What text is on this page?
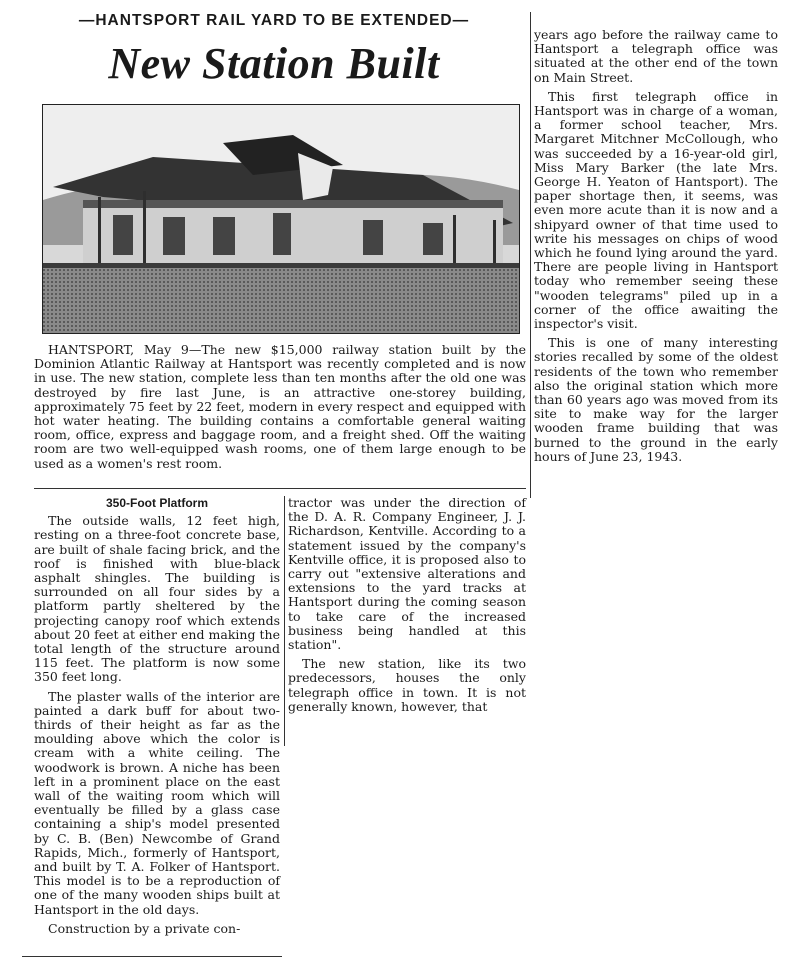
—HANTSPORT RAIL YARD TO BE EXTENDED—
New Station Built

HANTSPORT, May 9—The new $15,000 railway station built by the Dominion Atlantic Railway at Hantsport was recently completed and is now in use. The new station, complete less than ten months after the old one was destroyed by fire last June, is an attractive one-storey building, approximately 75 feet by 22 feet, modern in every respect and equipped with hot water heating. The building contains a comfortable general waiting room, office, express and baggage room, and a freight shed. Off the waiting room are two well-equipped wash rooms, one of them large enough to be used as a women's rest room.

350-Foot Platform

The outside walls, 12 feet high, resting on a three-foot concrete base, are built of shale facing brick, and the roof is finished with blue-black asphalt shingles. The building is surrounded on all four sides by a platform partly sheltered by the projecting canopy roof which extends about 20 feet at either end making the total length of the structure around 115 feet. The platform is now some 350 feet long.

The plaster walls of the interior are painted a dark buff for about two-thirds of their height as far as the moulding above which the color is cream with a white ceiling. The woodwork is brown. A niche has been left in a prominent place on the east wall of the waiting room which will eventually be filled by a glass case containing a ship's model presented by C. B. (Ben) Newcombe of Grand Rapids, Mich., formerly of Hantsport, and built by T. A. Folker of Hantsport. This model is to be a reproduction of one of the many wooden ships built at Hantsport in the old days.

Construction by a private con-

tractor was under the direction of the D. A. R. Company Engineer, J. J. Richardson, Kentville. According to a statement issued by the company's Kentville office, it is proposed also to carry out "extensive alterations and extensions to the yard tracks at Hantsport during the coming season to take care of the increased business being handled at this station".

The new station, like its two predecessors, houses the only telegraph office in town. It is not generally known, however, that

years ago before the railway came to Hantsport a telegraph office was situated at the other end of the town on Main Street.

This first telegraph office in Hantsport was in charge of a woman, a former school teacher, Mrs. Margaret Mitchner McCollough, who was succeeded by a 16-year-old girl, Miss Mary Barker (the late Mrs. George H. Yeaton of Hantsport). The paper shortage then, it seems, was even more acute than it is now and a shipyard owner of that time used to write his messages on chips of wood which he found lying around the yard. There are people living in Hantsport today who remember seeing these "wooden telegrams" piled up in a corner of the office awaiting the inspector's visit.

This is one of many interesting stories recalled by some of the oldest residents of the town who remember also the original station which more than 60 years ago was moved from its site to make way for the larger wooden frame building that was burned to the ground in the early hours of June 23, 1943.
